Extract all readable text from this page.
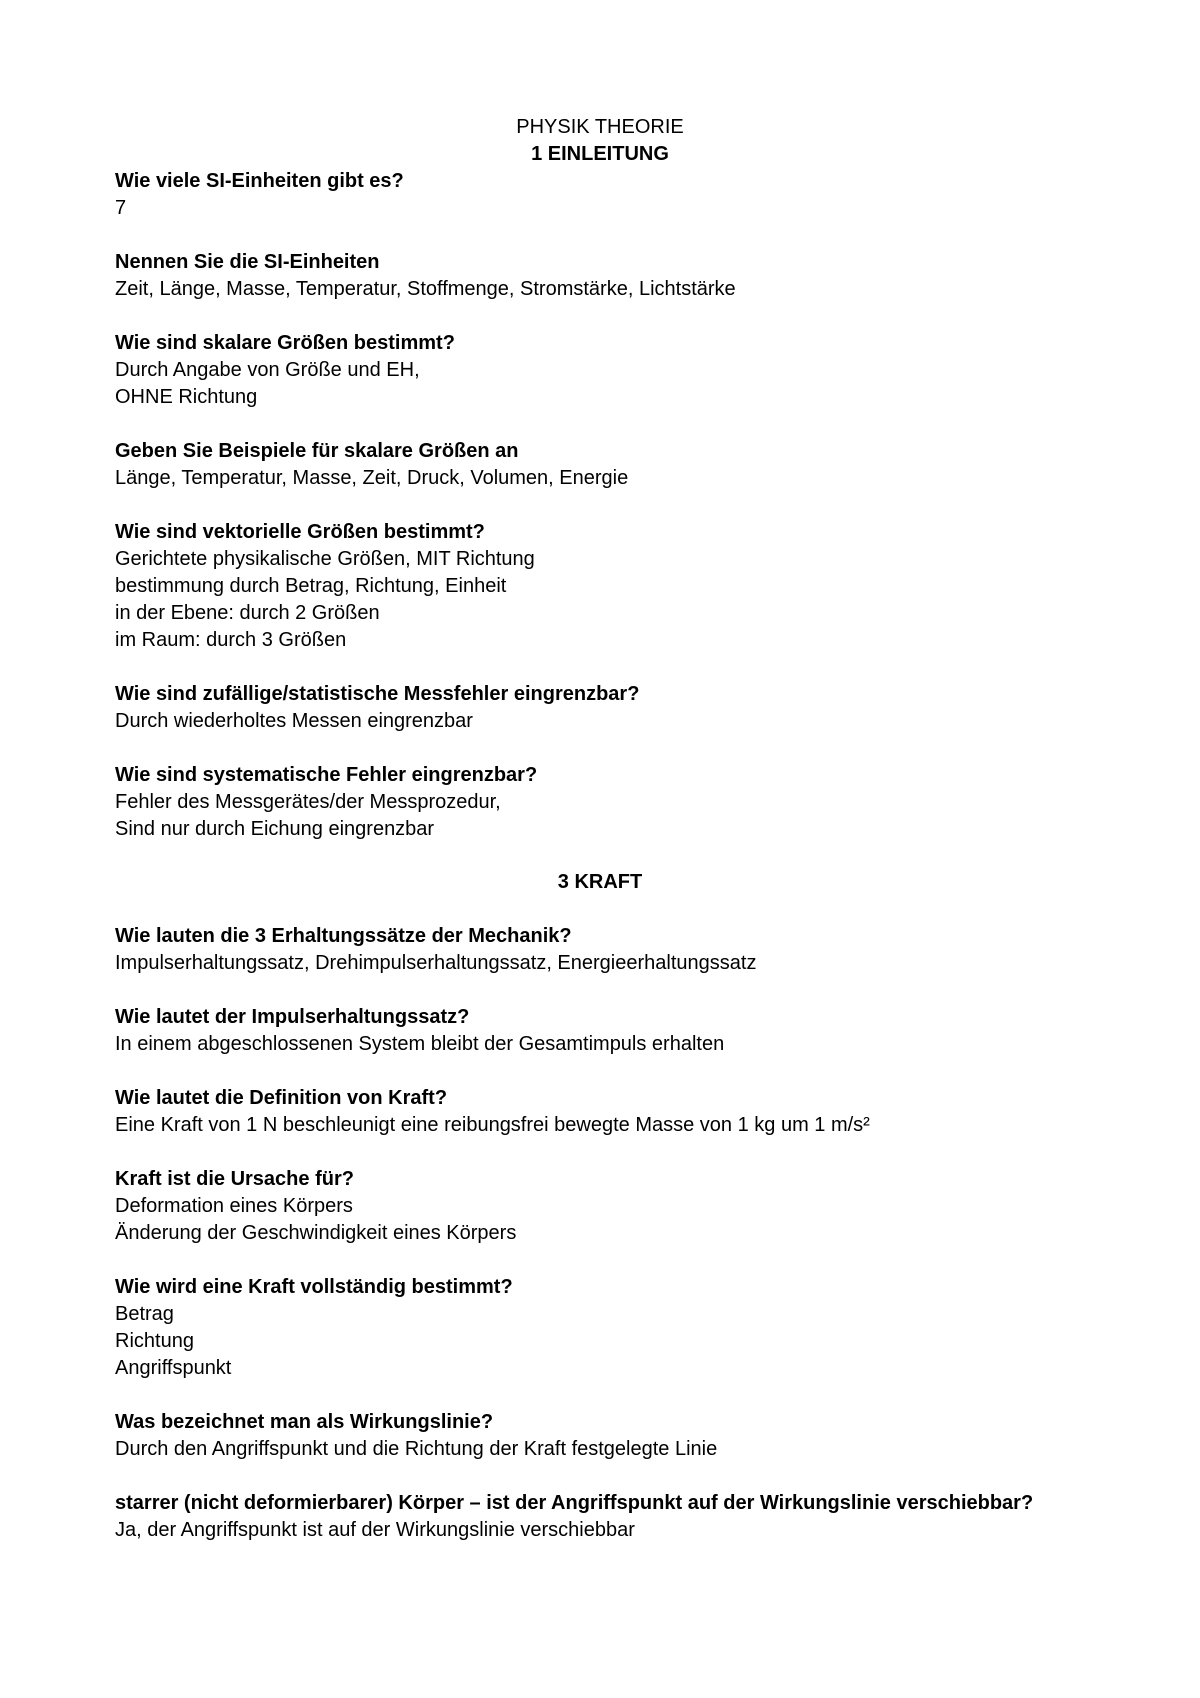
PHYSIK THEORIE

1 EINLEITUNG

Wie viele SI-Einheiten gibt es?

7

Nennen Sie die SI-Einheiten

Zeit, Länge, Masse, Temperatur, Stoffmenge, Stromstärke, Lichtstärke

Wie sind skalare Größen bestimmt?

Durch Angabe von Größe und EH,

OHNE Richtung

Geben Sie Beispiele für skalare Größen an

Länge, Temperatur, Masse, Zeit, Druck, Volumen, Energie

Wie sind vektorielle Größen bestimmt?

Gerichtete physikalische Größen, MIT Richtung

bestimmung durch Betrag, Richtung, Einheit

in der Ebene: durch 2 Größen

im Raum: durch 3 Größen

Wie sind zufällige/statistische Messfehler eingrenzbar?

Durch wiederholtes Messen eingrenzbar

Wie sind systematische Fehler eingrenzbar?

Fehler des Messgerätes/der Messprozedur,

Sind nur durch Eichung eingrenzbar

3 KRAFT

Wie lauten die 3 Erhaltungssätze der Mechanik?

Impulserhaltungssatz, Drehimpulserhaltungssatz, Energieerhaltungssatz

Wie lautet der Impulserhaltungssatz?

In einem abgeschlossenen System bleibt der Gesamtimpuls erhalten

Wie lautet die Definition von Kraft?

Eine Kraft von 1 N beschleunigt eine reibungsfrei bewegte Masse von 1 kg um 1 m/s²

Kraft ist die Ursache für?

Deformation eines Körpers

Änderung der Geschwindigkeit eines Körpers

Wie wird eine Kraft vollständig bestimmt?

Betrag

Richtung

Angriffspunkt

Was bezeichnet man als Wirkungslinie?

Durch den Angriffspunkt und die Richtung der Kraft festgelegte Linie

starrer (nicht deformierbarer) Körper – ist der Angriffspunkt auf der Wirkungslinie verschiebbar?

Ja, der Angriffspunkt ist auf der Wirkungslinie verschiebbar
